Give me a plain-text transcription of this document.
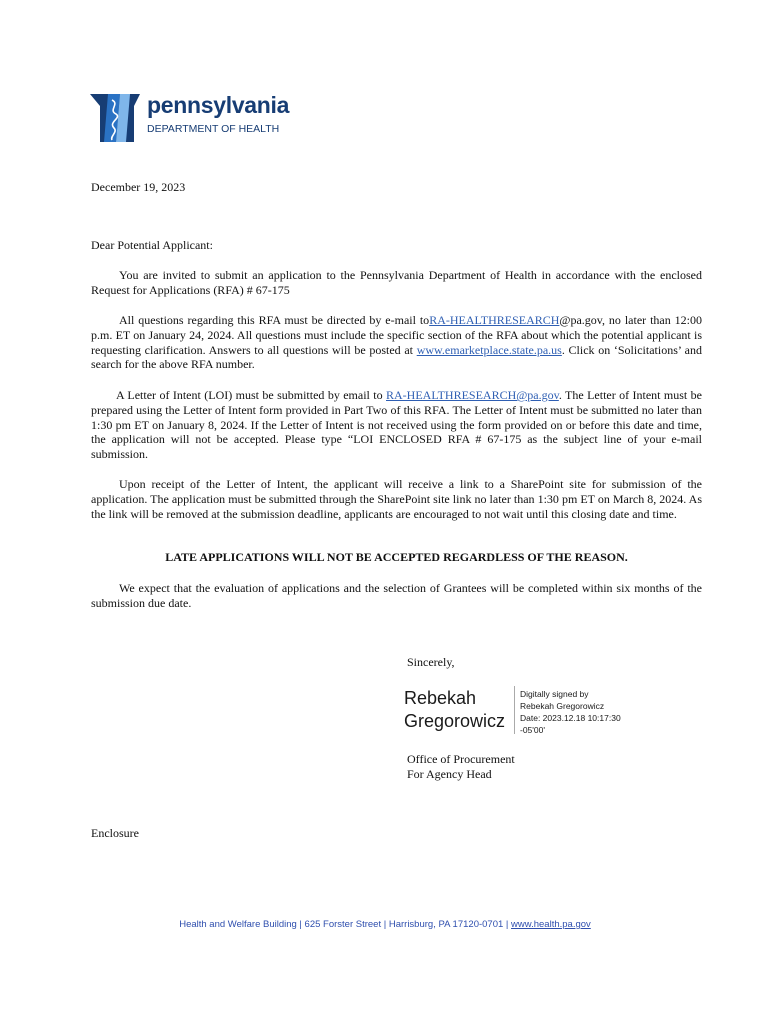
pennsylvania
DEPARTMENT OF HEALTH
December 19, 2023
Dear Potential Applicant:
You are invited to submit an application to the Pennsylvania Department of Health in accordance with the enclosed Request for Applications (RFA) # 67-175
All questions regarding this RFA must be directed by e-mail toRA-HEALTHRESEARCH@pa.gov, no later than 12:00 p.m. ET on January 24, 2024. All questions must include the specific section of the RFA about which the potential applicant is requesting clarification. Answers to all questions will be posted at www.emarketplace.state.pa.us. Click on ‘Solicitations’ and search for the above RFA number.
A Letter of Intent (LOI) must be submitted by email to RA-HEALTHRESEARCH@pa.gov. The Letter of Intent must be prepared using the Letter of Intent form provided in Part Two of this RFA. The Letter of Intent must be submitted no later than 1:30 pm ET on January 8, 2024. If the Letter of Intent is not received using the form provided on or before this date and time, the application will not be accepted. Please type “LOI ENCLOSED RFA # 67-175 as the subject line of your e-mail submission.
Upon receipt of the Letter of Intent, the applicant will receive a link to a SharePoint site for submission of the application. The application must be submitted through the SharePoint site link no later than 1:30 pm ET on March 8, 2024. As the link will be removed at the submission deadline, applicants are encouraged to not wait until this closing date and time.
LATE APPLICATIONS WILL NOT BE ACCEPTED REGARDLESS OF THE REASON.
We expect that the evaluation of applications and the selection of Grantees will be completed within six months of the submission due date.
Sincerely,
Rebekah
Gregorowicz
Digitally signed by
Rebekah Gregorowicz
Date: 2023.12.18 10:17:30
-05'00'
Office of Procurement
For Agency Head
Enclosure
Health and Welfare Building | 625 Forster Street | Harrisburg, PA 17120-0701 | www.health.pa.gov
